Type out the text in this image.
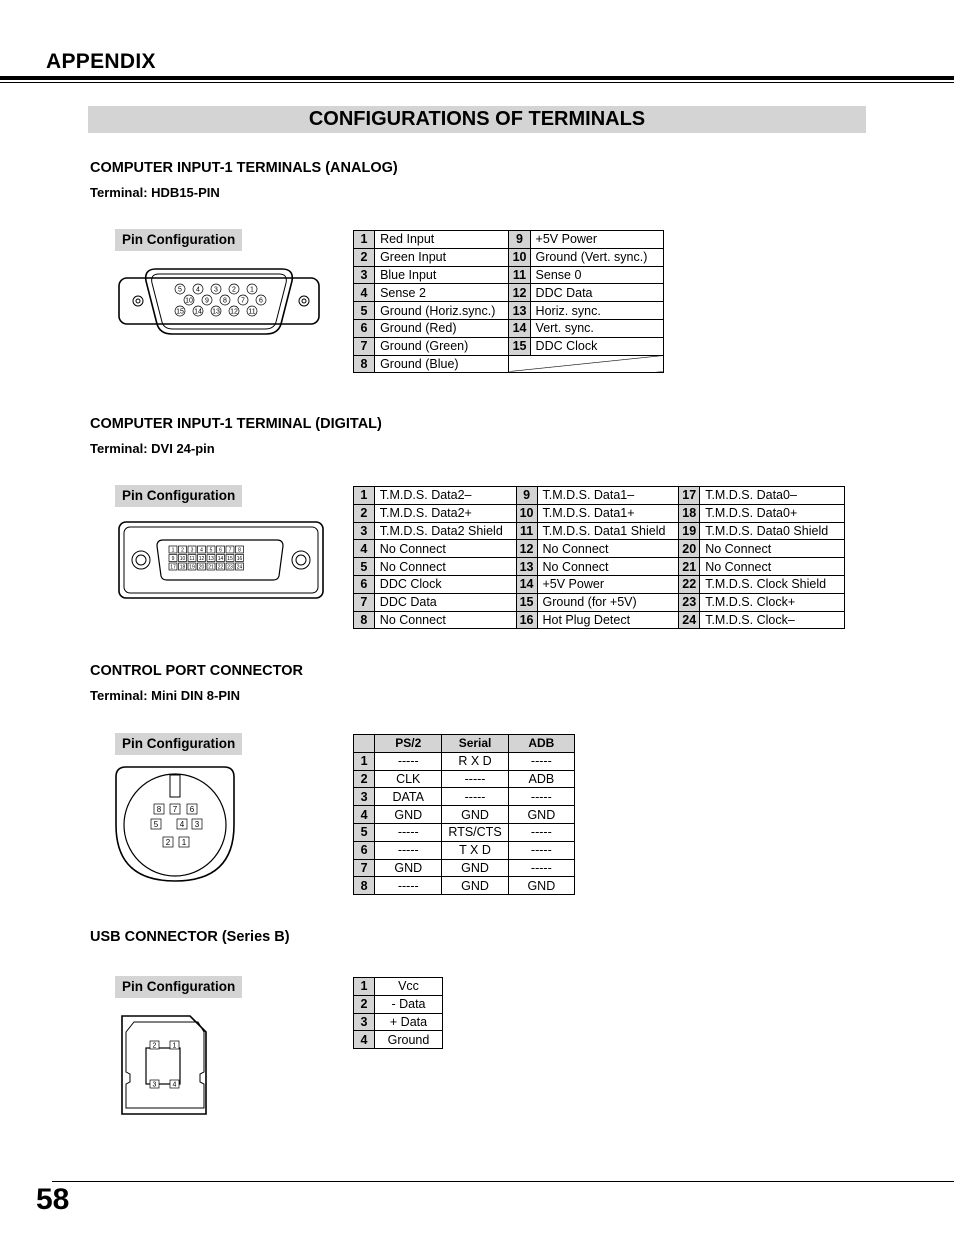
APPENDIX
CONFIGURATIONS OF TERMINALS
COMPUTER INPUT-1 TERMINALS (ANALOG)
Terminal: HDB15-PIN
Pin Configuration
5 4 3 2 1
10 9 8 7 6
15 14 13 12 11
1	Red Input	9	+5V Power
2	Green Input	10	Ground (Vert. sync.)
3	Blue Input	11	Sense 0
4	Sense 2	12	DDC Data
5	Ground (Horiz.sync.)	13	Horiz. sync.
6	Ground (Red)	14	Vert. sync.
7	Ground (Green)	15	DDC Clock
8	Ground (Blue)		
COMPUTER INPUT-1 TERMINAL (DIGITAL)
Terminal: DVI 24-pin
Pin Configuration
1 2 3 4 5 6 7 8
9 10 11 12 13 14 15 16
17 18 19 20 21 22 23 24
1	T.M.D.S. Data2–	9	T.M.D.S. Data1–	17	T.M.D.S. Data0–
2	T.M.D.S. Data2+	10	T.M.D.S. Data1+	18	T.M.D.S. Data0+
3	T.M.D.S. Data2 Shield	11	T.M.D.S. Data1 Shield	19	T.M.D.S. Data0 Shield
4	No Connect	12	No Connect	20	No Connect
5	No Connect	13	No Connect	21	No Connect
6	DDC Clock	14	+5V Power	22	T.M.D.S. Clock Shield
7	DDC Data	15	Ground (for +5V)	23	T.M.D.S. Clock+
8	No Connect	16	Hot Plug Detect	24	T.M.D.S. Clock–
CONTROL PORT CONNECTOR
Terminal: Mini DIN 8-PIN
Pin Configuration
8 7 6
5	4 3
2 1
	PS/2	Serial	ADB
1	-----	R X D	-----
2	CLK	-----	ADB
3	DATA	-----	-----
4	GND	GND	GND
5	-----	RTS/CTS	-----
6	-----	T X D	-----
7	GND	GND	-----
8	-----	GND	GND
USB CONNECTOR (Series B)
Pin Configuration
2 1
3 4
1	Vcc
2	- Data
3	+ Data
4	Ground
58
